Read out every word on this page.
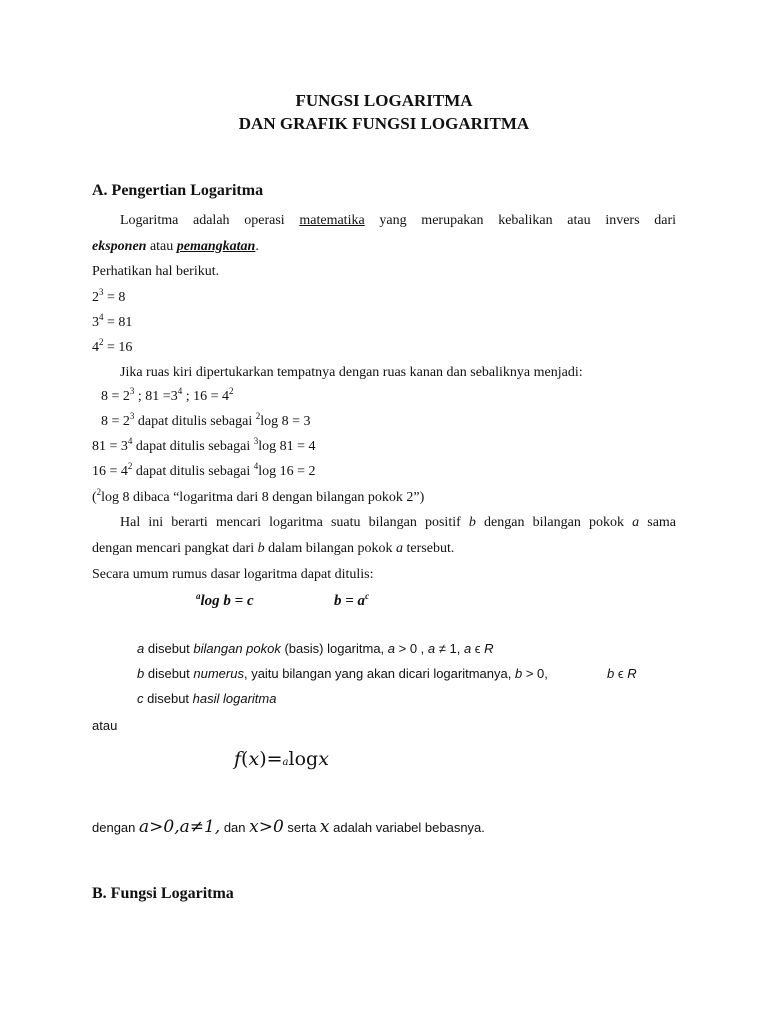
FUNGSI LOGARITMA
DAN GRAFIK FUNGSI LOGARITMA
A. Pengertian Logaritma
Logaritma adalah operasi matematika yang merupakan kebalikan atau invers dari
eksponen atau pemangkatan.
Perhatikan hal berikut.
$2^3 = 8$
$3^4 = 81$
$4^2 = 16$
Jika ruas kiri dipertukarkan tempatnya dengan ruas kanan dan sebaliknya menjadi:
$8 = 2^3$ ; $81 =3^4$ ; $16 = 4^2$
$8 = 2^3$ dapat ditulis sebagai $^2$log 8 = 3
$81 = 3^4$ dapat ditulis sebagai $^3$log 81 = 4
$16 = 4^2$ dapat ditulis sebagai $^4$log 16 = 2
($^2$log 8 dibaca “logaritma dari 8 dengan bilangan pokok 2”)
Hal ini berarti mencari logaritma suatu bilangan positif b dengan bilangan pokok a sama
dengan mencari pangkat dari b dalam bilangan pokok a tersebut.
Secara umum rumus dasar logaritma dapat ditulis:
$^a$log b = c	$b = a^c$
a disebut bilangan pokok (basis) logaritma, a > 0 , a ≠ 1, a ϵ R
b disebut numerus, yaitu bilangan yang akan dicari logaritmanya, b > 0,	b ϵ R
c disebut hasil logaritma
atau
f(x)=alogx
dengan a>0,a≠1, dan x>0 serta x adalah variabel bebasnya.
B. Fungsi Logaritma
